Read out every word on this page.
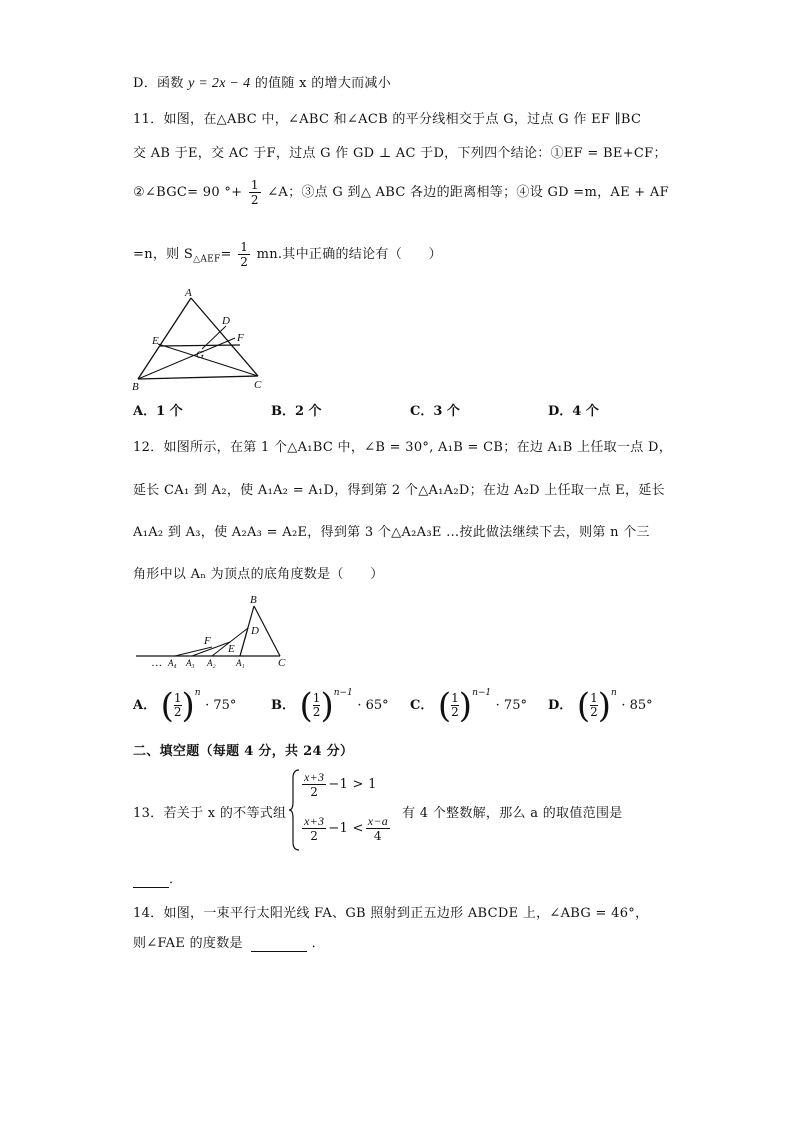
D．函数 y = 2x − 4 的值随 x 的增大而减小
11．如图，在△ABC 中，∠ABC 和∠ACB 的平分线相交于点 G，过点 G 作 EF ∥BC
交 AB 于E，交 AC 于F，过点 G 作 GD ⊥ AC 于D，下列四个结论：①EF = BE+CF；
②∠BGC= 90 °+ $\frac{1}{2}$ ∠A；③点 G 到△ ABC 各边的距离相等；④设 GD =m，AE + AF
=n，则 $S_{\triangle AEF}= \frac{1}{2}$ mn.其中正确的结论有（　　）
A
D
E	F
G
B	C
A．1 个	B．2 个	C．3 个	D．4 个
12．如图所示，在第 1 个△A₁BC 中，∠B = 30°, A₁B = CB；在边 A₁B 上任取一点 D，
延长 CA₁ 到 A₂，使 A₁A₂ = A₁D，得到第 2 个△A₁A₂D；在边 A₂D 上任取一点 E，延长
A₁A₂ 到 A₃，使 A₂A₃ = A₂E，得到第 3 个△A₂A₃E …按此做法继续下去，则第 n 个三
角形中以 Aₙ 为顶点的底角度数是（　　）
B
D
F
E
… A₄ A₃ A₂ A₁	C
A． ( $\frac{1}{2} )^n \cdot 75^\circ$	B． ( $\frac{1}{2} )^{n-1} \cdot 65^\circ$ C． ( $\frac{1}{2} )^{n-1} \cdot 75^\circ$ D． ( $\frac{1}{2} )^n \cdot 85^\circ$
二、填空题（每题 4 分，共 24 分）
13．若关于 x 的不等式组
$\frac{x+3}{2} -1 > 1$
$\frac{x+3}{2} -1 < \frac{x-a}{4}$
有 4 个整数解，那么 a 的取值范围是
．
14．如图，一束平行太阳光线 FA、GB 照射到正五边形 ABCDE 上，∠ABG = 46°，
则∠FAE 的度数是	．
